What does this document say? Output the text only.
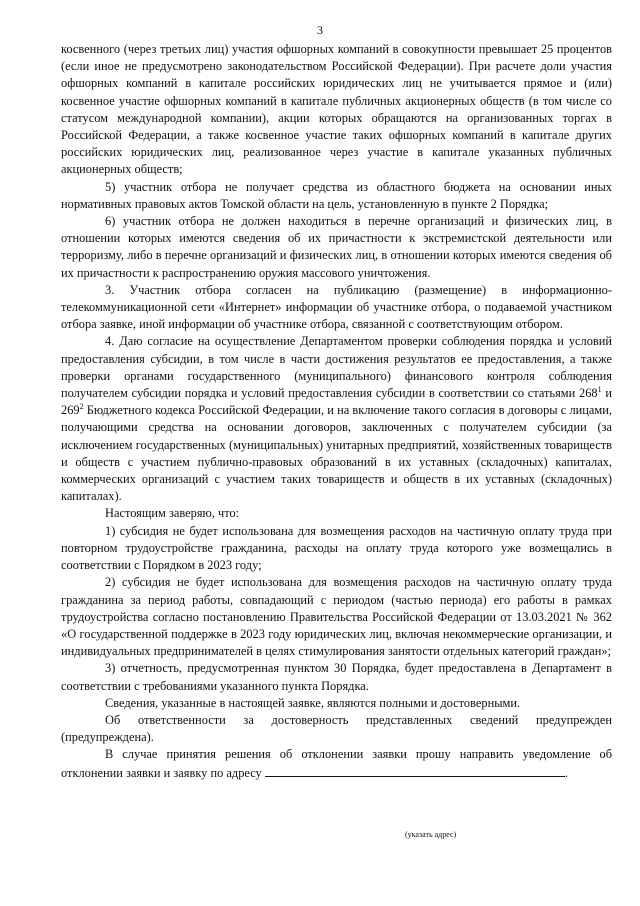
3

косвенного (через третьих лиц) участия офшорных компаний в совокупности превышает 25 процентов (если иное не предусмотрено законодательством Российской Федерации). При расчете доли участия офшорных компаний в капитале российских юридических лиц не учитывается прямое и (или) косвенное участие офшорных компаний в капитале публичных акционерных обществ (в том числе со статусом международной компании), акции которых обращаются на организованных торгах в Российской Федерации, а также косвенное участие таких офшорных компаний в капитале других российских юридических лиц, реализованное через участие в капитале указанных публичных акционерных обществ;

5) участник отбора не получает средства из областного бюджета на основании иных нормативных правовых актов Томской области на цель, установленную в пункте 2 Порядка;

6) участник отбора не должен находиться в перечне организаций и физических лиц, в отношении которых имеются сведения об их причастности к экстремистской деятельности или терроризму, либо в перечне организаций и физических лиц, в отношении которых имеются сведения об их причастности к распространению оружия массового уничтожения.

3. Участник отбора согласен на публикацию (размещение) в информационно-телекоммуникационной сети «Интернет» информации об участнике отбора, о подаваемой участником отбора заявке, иной информации об участнике отбора, связанной с соответствующим отбором.

4. Даю согласие на осуществление Департаментом проверки соблюдения порядка и условий предоставления субсидии, в том числе в части достижения результатов ее предоставления, а также проверки органами государственного (муниципального) финансового контроля соблюдения получателем субсидии порядка и условий предоставления субсидии в соответствии со статьями $268^1$ и $269^2$ Бюджетного кодекса Российской Федерации, и на включение такого согласия в договоры с лицами, получающими средства на основании договоров, заключенных с получателем субсидии (за исключением государственных (муниципальных) унитарных предприятий, хозяйственных товариществ и обществ с участием публично-правовых образований в их уставных (складочных) капиталах, коммерческих организаций с участием таких товариществ и обществ в их уставных (складочных) капиталах).

Настоящим заверяю, что:

1) субсидия не будет использована для возмещения расходов на частичную оплату труда при повторном трудоустройстве гражданина, расходы на оплату труда которого уже возмещались в соответствии с Порядком в 2023 году;

2) субсидия не будет использована для возмещения расходов на частичную оплату труда гражданина за период работы, совпадающий с периодом (частью периода) его работы в рамках трудоустройства согласно постановлению Правительства Российской Федерации от 13.03.2021 № 362 «О государственной поддержке в 2023 году юридических лиц, включая некоммерческие организации, и индивидуальных предпринимателей в целях стимулирования занятости отдельных категорий граждан»;

3) отчетность, предусмотренная пунктом 30 Порядка, будет предоставлена в Департамент в соответствии с требованиями указанного пункта Порядка.

Сведения, указанные в настоящей заявке, являются полными и достоверными.

Об ответственности за достоверность представленных сведений предупрежден (предупреждена).

В случае принятия решения об отклонении заявки прошу направить уведомление об отклонении заявки и заявку по адресу	.

(указать адрес)
